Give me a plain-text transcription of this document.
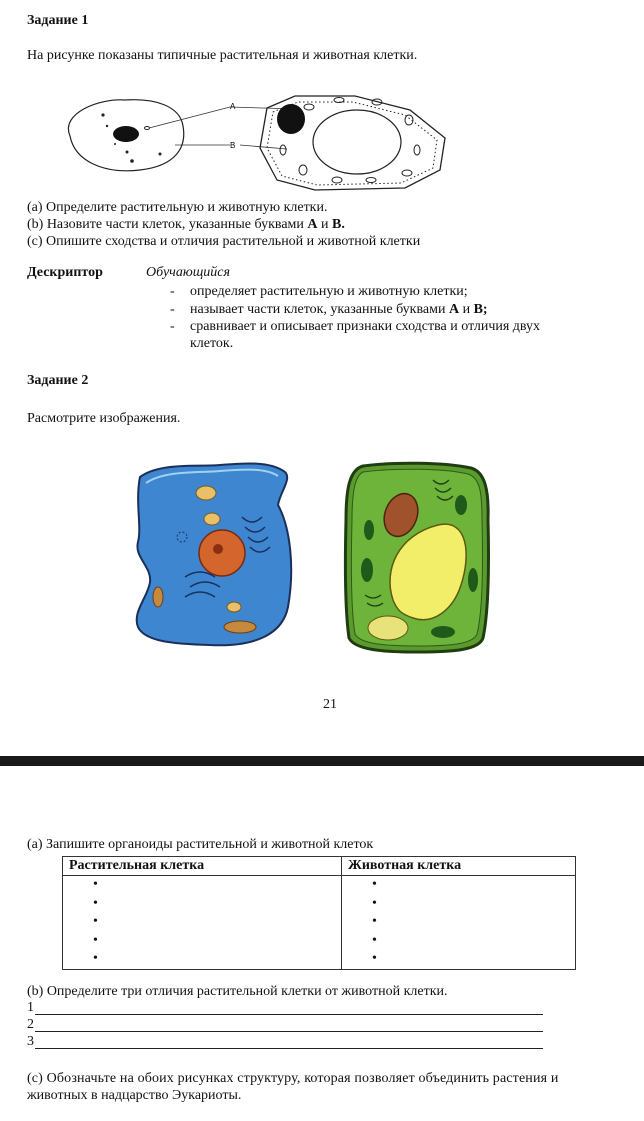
Задание 1
На рисунке показаны типичные растительная и животная клетки.
A
B
(a) Определите растительную и животную клетки.
(b) Назовите части клеток, указанные буквами А и В.
(c) Опишите сходства и отличия растительной и животной клетки
Дескриптор	Обучающийся
- определяет растительную и животную клетки;
- называет части клеток, указанные буквами А и В;
- сравнивает и описывает признаки сходства и отличия двух
клеток.
Задание 2
Расмотрите изображения.
21
(a) Запишите органоиды растительной и животной клеток
Растительная клетка	Животная клетка
•	•
•	•
•	•
•	•
•	•
(b) Определите три отличия растительной клетки от животной клетки.
1
2
3
(c) Обозначьте на обоих рисунках структуру, которая позволяет объединить растения и
животных в надцарство Эукариоты.
